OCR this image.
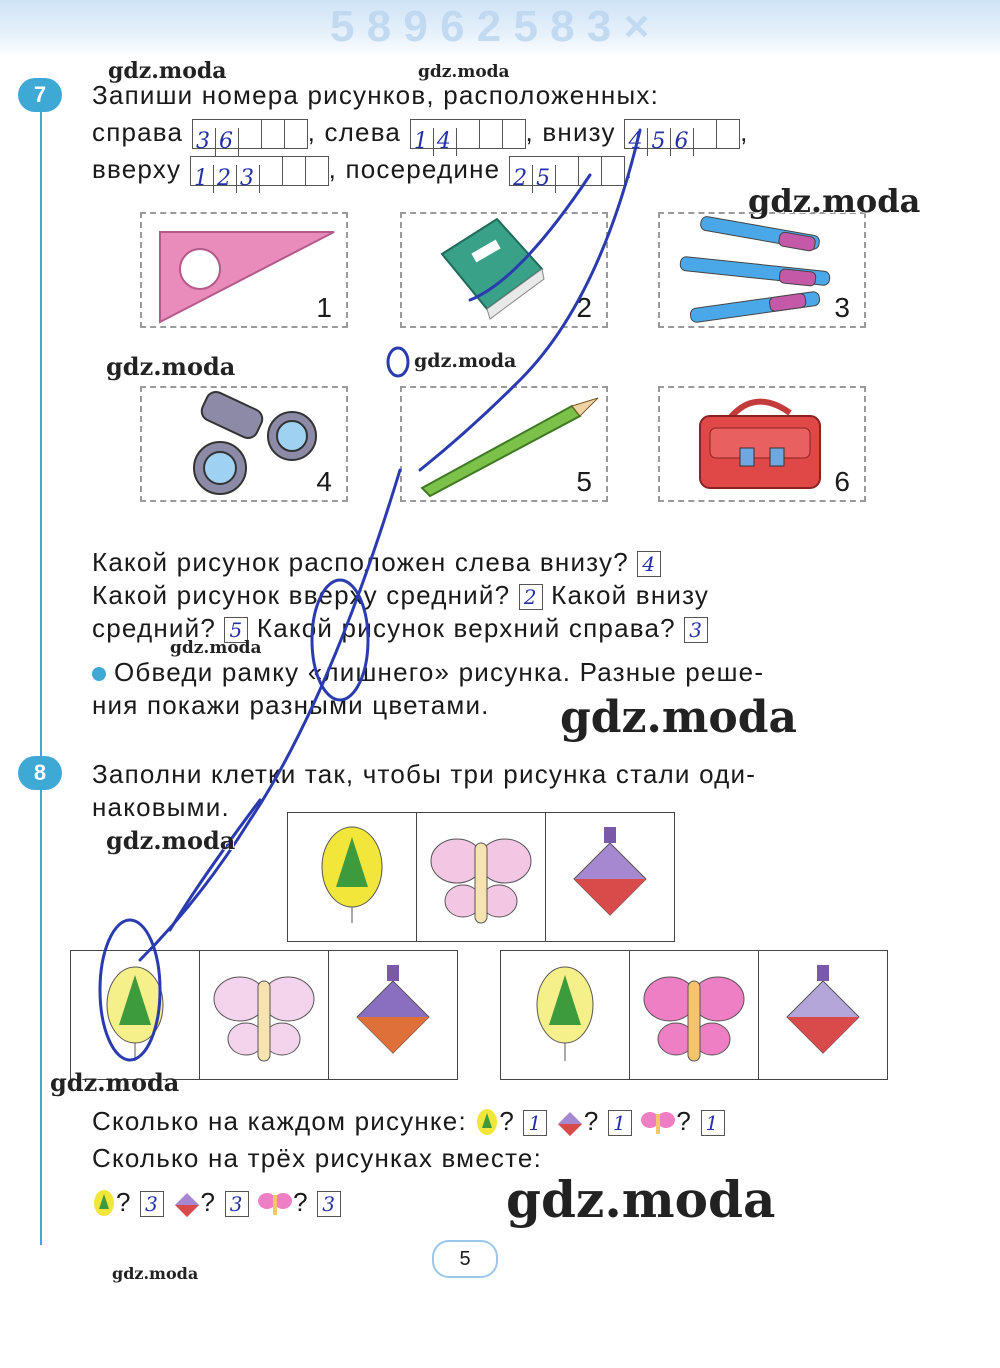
5 8 9 6 2 5 8 3 ×
7	Запиши номера рисунков, расположенных:
справа 3 6	, слева 1 4	, внизу 4 5 6 ,
вверху 1 2 3	, посередине 2 5	.
1	2	3
4	5	6
Какой рисунок расположен слева внизу? 4
Какой рисунок вверху средний? 2 Какой внизу
средний? 5 Какой рисунок верхний справа? 3
Обведи рамку «лишнего» рисунка. Разные реше-
ния покажи разными цветами.
8	Заполни клетки так, чтобы три рисунка стали оди-
наковыми.
Сколько на каждом рисунке: ? 1 ? 1 ? 1
Сколько на трёх рисунках вместе:
? 3 ? 3 ? 3
gdz.moda	gdz.moda
gdz.moda
gdz.moda	gdz.moda
gdz.moda
gdz.moda
gdz.moda
gdz.moda
gdz.moda
gdz.moda
5
